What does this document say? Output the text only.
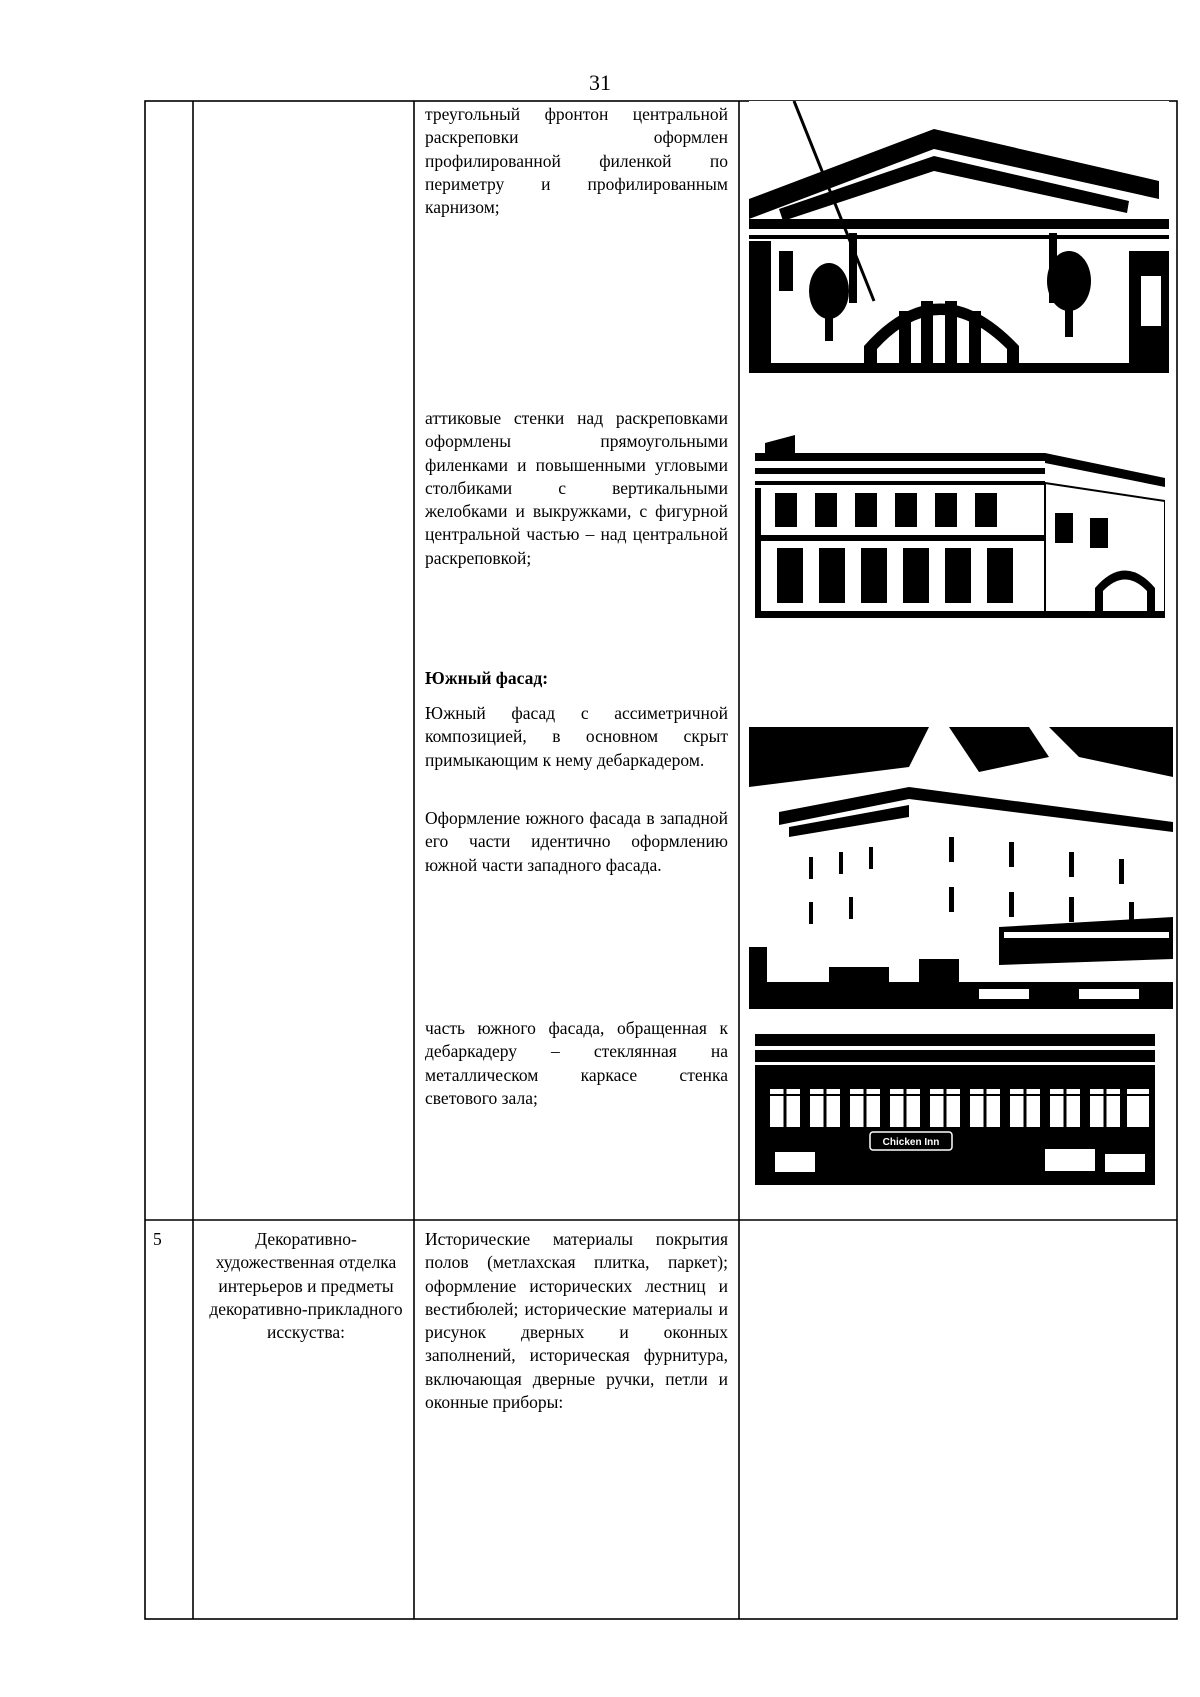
31
треугольный фронтон центральной раскреповки оформлен профилированной филенкой по периметру и профилированным карнизом;
аттиковые стенки над раскреповками оформлены прямоугольными филенками и повышенными угловыми столбиками с вертикальными желобками и выкружками, с фигурной центральной частью – над центральной раскреповкой;
Южный фасад:
Южный фасад с ассиметричной композицией, в основном скрыт примыкающим к нему дебаркадером.
Оформление южного фасада в западной его части идентично оформлению южной части западного фасада.
часть южного фасада, обращенная к дебаркадеру – стеклянная на металлическом каркасе стенка светового зала;
Chicken Inn
5	Декоративно-художественная отделка интерьеров и предметы декоративно-прикладного исскуства:
Исторические материалы покрытия полов (метлахская плитка, паркет); оформление исторических лестниц и вестибюлей; исторические материалы и рисунок дверных и оконных заполнений, историческая фурнитура, включающая дверные ручки, петли и оконные приборы:
